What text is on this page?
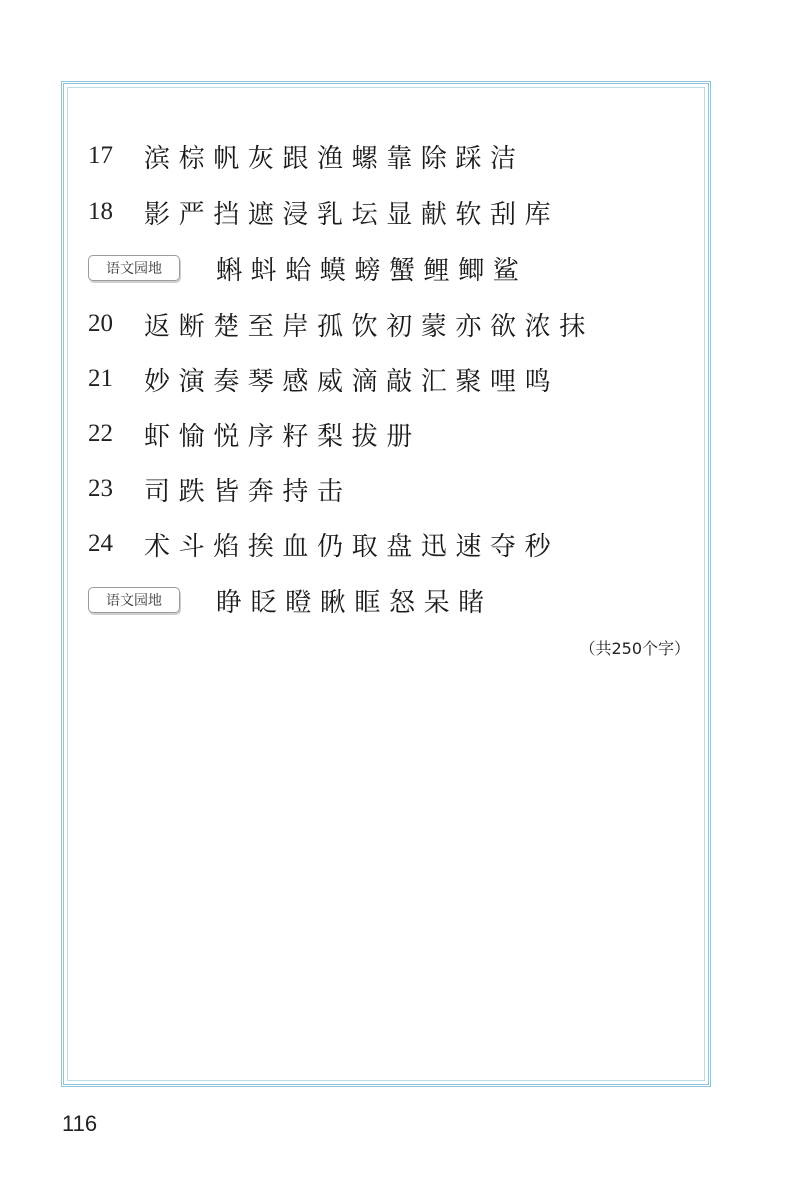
17	滨棕帆灰跟渔螺靠除踩洁
18	影严挡遮浸乳坛显献软刮库
语文园地	蝌蚪蛤蟆螃蟹鲤鲫鲨
20	返断楚至岸孤饮初蒙亦欲浓抹
21	妙演奏琴感威滴敲汇聚哩鸣
22	虾愉悦序籽梨拔册
23	司跌皆奔持击
24	术斗焰挨血仍取盘迅速夺秒
语文园地	睁眨瞪瞅眶怒呆睹
（共250个字）
116
